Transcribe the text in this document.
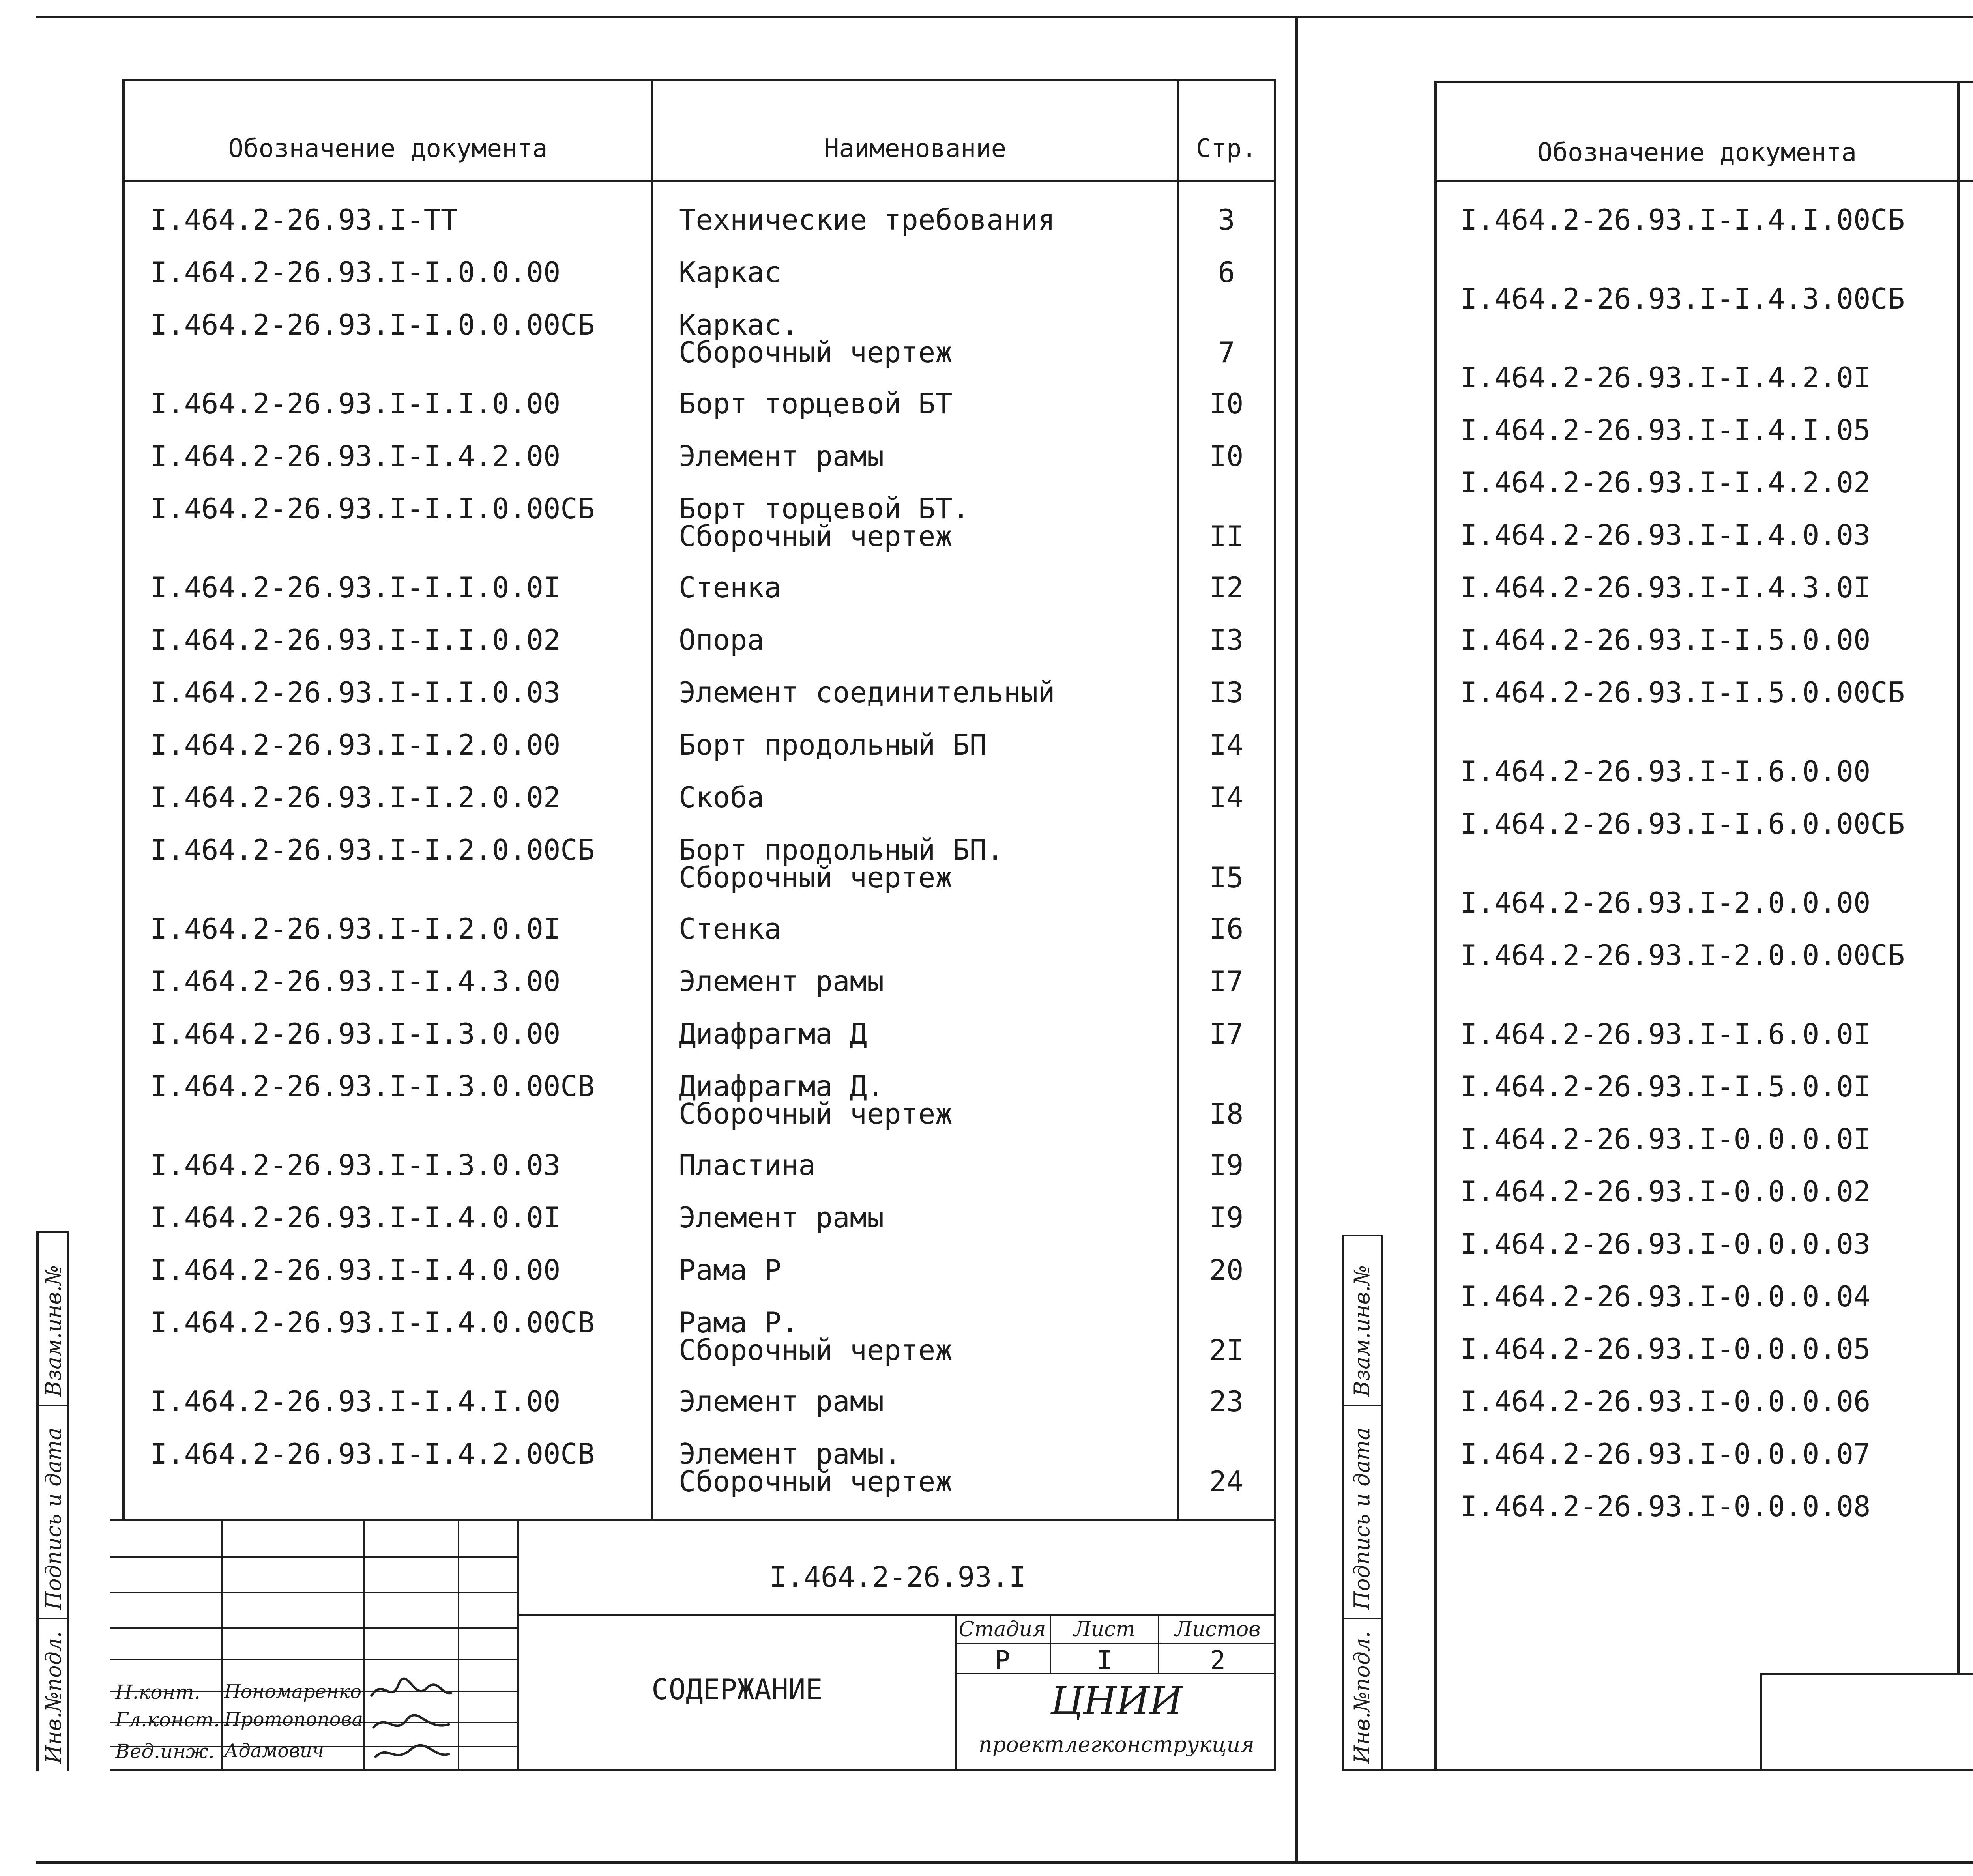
Обозначение документа	Наименование	Стр.
I.464.2-26.93.I-ТТ	Технические требования	3
I.464.2-26.93.I-I.0.0.00	Каркас	6
I.464.2-26.93.I-I.0.0.00СБ	Каркас.
Сборочный чертеж	7
I.464.2-26.93.I-I.I.0.00	Борт торцевой БТ	I0
I.464.2-26.93.I-I.4.2.00	Элемент рамы	I0
I.464.2-26.93.I-I.I.0.00СБ	Борт торцевой БТ.
Сборочный чертеж	II
I.464.2-26.93.I-I.I.0.0I	Стенка	I2
I.464.2-26.93.I-I.I.0.02	Опора	I3
I.464.2-26.93.I-I.I.0.03	Элемент соединительный	I3
I.464.2-26.93.I-I.2.0.00	Борт продольный БП	I4
I.464.2-26.93.I-I.2.0.02	Скоба	I4
I.464.2-26.93.I-I.2.0.00СБ	Борт продольный БП.
Сборочный чертеж	I5
I.464.2-26.93.I-I.2.0.0I	Стенка	I6
I.464.2-26.93.I-I.4.3.00	Элемент рамы	I7
I.464.2-26.93.I-I.3.0.00	Диафрагма Д	I7
I.464.2-26.93.I-I.3.0.00СВ	Диафрагма Д.
Сборочный чертеж	I8
I.464.2-26.93.I-I.3.0.03	Пластина	I9
I.464.2-26.93.I-I.4.0.0I	Элемент рамы	I9
I.464.2-26.93.I-I.4.0.00	Рама Р	20
I.464.2-26.93.I-I.4.0.00СВ	Рама Р.
Сборочный чертеж	2I
I.464.2-26.93.I-I.4.I.00	Элемент рамы	23
I.464.2-26.93.I-I.4.2.00СВ	Элемент рамы.
Сборочный чертеж	24
I.464.2-26.93.I
СОДЕРЖАНИЕ
Стадия	Лист	Листов
Р	I	2
ЦНИИ
проектлегконструкция
Н.конт. Пономаренко
Гл.конст. Протопопова
Вед.инж. Адамович
Взам.инв.№
Подпись и дата
Инв.№подл.
Обозначение документа
I.464.2-26.93.I-I.4.I.00СБ
I.464.2-26.93.I-I.4.3.00СБ
I.464.2-26.93.I-I.4.2.0I
I.464.2-26.93.I-I.4.I.05
I.464.2-26.93.I-I.4.2.02
I.464.2-26.93.I-I.4.0.03
I.464.2-26.93.I-I.4.3.0I
I.464.2-26.93.I-I.5.0.00
I.464.2-26.93.I-I.5.0.00СБ
I.464.2-26.93.I-I.6.0.00
I.464.2-26.93.I-I.6.0.00СБ
I.464.2-26.93.I-2.0.0.00
I.464.2-26.93.I-2.0.0.00СБ
I.464.2-26.93.I-I.6.0.0I
I.464.2-26.93.I-I.5.0.0I
I.464.2-26.93.I-0.0.0.0I
I.464.2-26.93.I-0.0.0.02
I.464.2-26.93.I-0.0.0.03
I.464.2-26.93.I-0.0.0.04
I.464.2-26.93.I-0.0.0.05
I.464.2-26.93.I-0.0.0.06
I.464.2-26.93.I-0.0.0.07
I.464.2-26.93.I-0.0.0.08
Взам.инв.№
Подпись и дата
Инв.№подл.
